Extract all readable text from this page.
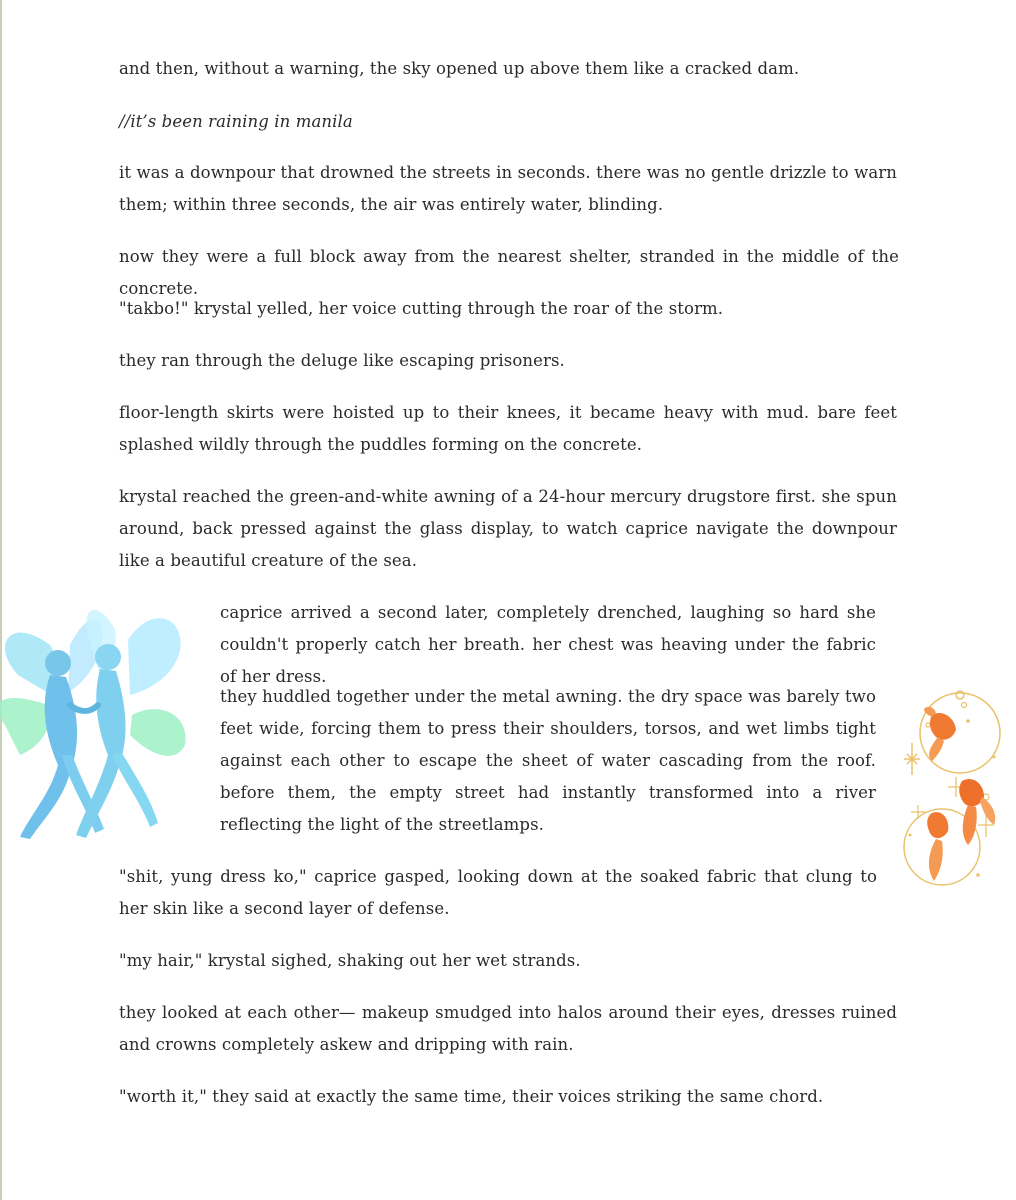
and then, without a warning, the sky opened up above them like a cracked dam.

//it’s been raining in manila

it was a downpour that drowned the streets in seconds. there was no gentle drizzle to warn them; within three seconds, the air was entirely water, blinding.

now they were a full block away from the nearest shelter, stranded in the middle of the concrete.

"takbo!" krystal yelled, her voice cutting through the roar of the storm.

they ran through the deluge like escaping prisoners.

floor-length skirts were hoisted up to their knees, it became heavy with mud. bare feet splashed wildly through the puddles forming on the concrete.

krystal reached the green-and-white awning of a 24-hour mercury drugstore first. she spun around, back pressed against the glass display, to watch caprice navigate the downpour like a beautiful creature of the sea.

caprice arrived a second later, completely drenched, laughing so hard she couldn't properly catch her breath. her chest was heaving under the fabric of her dress.

they huddled together under the metal awning. the dry space was barely two feet wide, forcing them to press their shoulders, torsos, and wet limbs tight against each other to escape the sheet of water cascading from the roof. before them, the empty street had instantly transformed into a river reflecting the light of the streetlamps.

"shit, yung dress ko," caprice gasped, looking down at the soaked fabric that clung to her skin like a second layer of defense.

"my hair," krystal sighed, shaking out her wet strands.

they looked at each other— makeup smudged into halos around their eyes, dresses ruined and crowns completely askew and dripping with rain.

"worth it," they said at exactly the same time, their voices striking the same chord.
